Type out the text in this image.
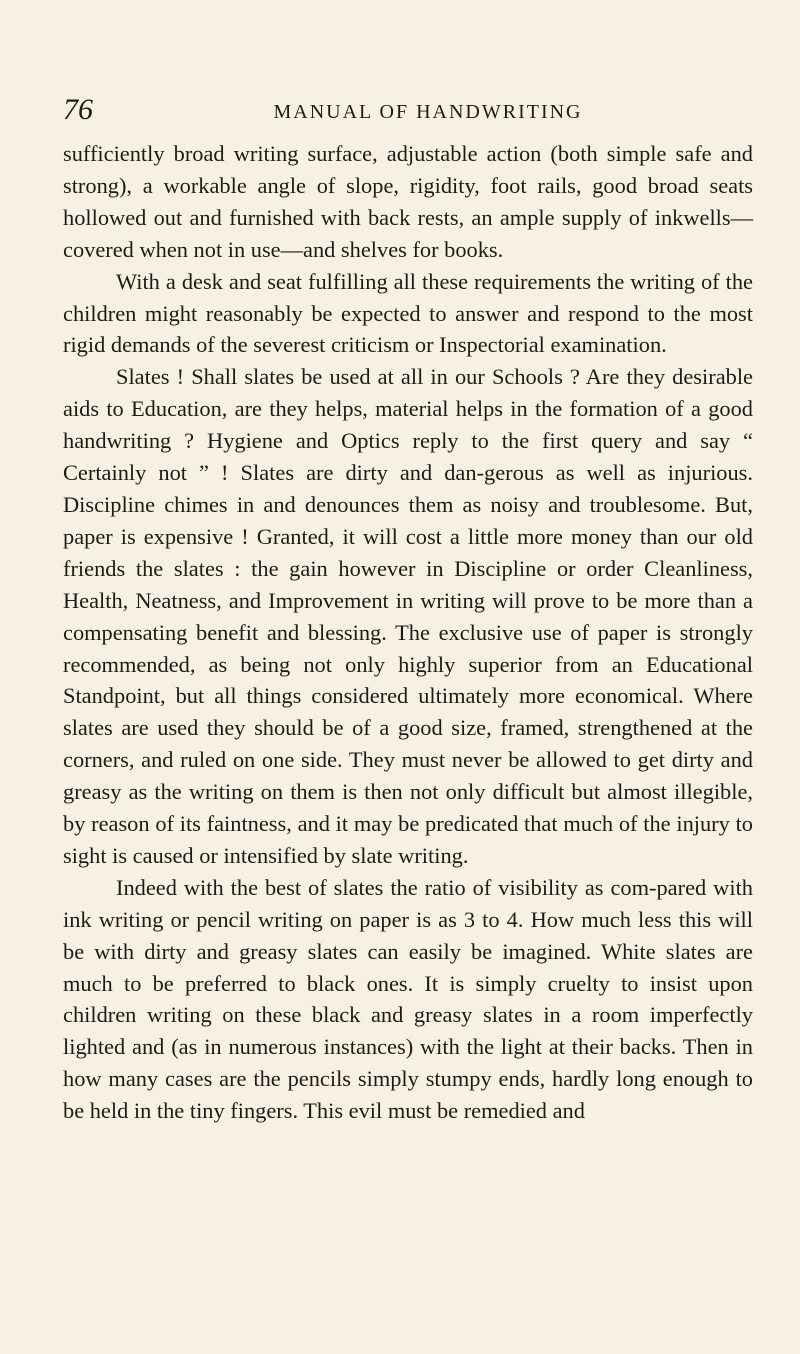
76	MANUAL OF HANDWRITING

sufficiently broad writing surface, adjustable action (both simple safe and strong), a workable angle of slope, rigidity, foot rails, good broad seats hollowed out and furnished with back rests, an ample supply of inkwells—covered when not in use—and shelves for books.

With a desk and seat fulfilling all these requirements the writing of the children might reasonably be expected to answer and respond to the most rigid demands of the severest criticism or Inspectorial examination.

Slates ! Shall slates be used at all in our Schools ? Are they desirable aids to Education, are they helps, material helps in the formation of a good handwriting ? Hygiene and Optics reply to the first query and say “ Certainly not ” ! Slates are dirty and dan-gerous as well as injurious. Discipline chimes in and denounces them as noisy and troublesome. But, paper is expensive ! Granted, it will cost a little more money than our old friends the slates : the gain however in Discipline or order Cleanliness, Health, Neatness, and Improvement in writing will prove to be more than a compensating benefit and blessing. The exclusive use of paper is strongly recommended, as being not only highly superior from an Educational Standpoint, but all things considered ultimately more economical. Where slates are used they should be of a good size, framed, strengthened at the corners, and ruled on one side. They must never be allowed to get dirty and greasy as the writing on them is then not only difficult but almost illegible, by reason of its faintness, and it may be predicated that much of the injury to sight is caused or intensified by slate writing.

Indeed with the best of slates the ratio of visibility as com-pared with ink writing or pencil writing on paper is as 3 to 4. How much less this will be with dirty and greasy slates can easily be imagined. White slates are much to be preferred to black ones. It is simply cruelty to insist upon children writing on these black and greasy slates in a room imperfectly lighted and (as in numerous instances) with the light at their backs. Then in how many cases are the pencils simply stumpy ends, hardly long enough to be held in the tiny fingers. This evil must be remedied and
